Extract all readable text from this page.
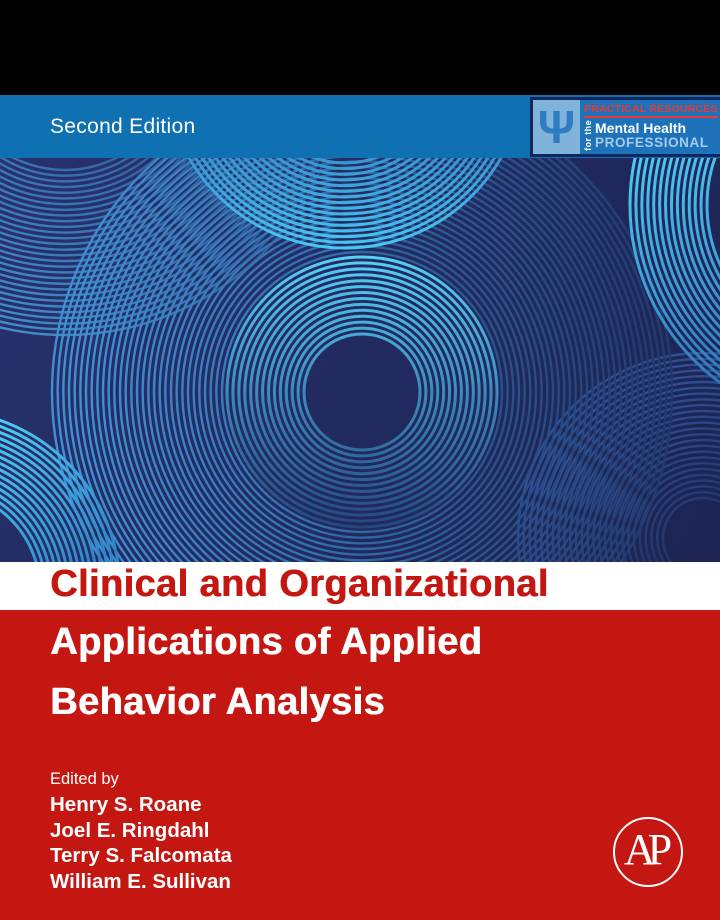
Second Edition	Ψ PRACTICAL RESOURCES
for the Mental Health
PROFESSIONAL
Clinical and Organizational
Applications of Applied
Behavior Analysis
Edited by
Henry S. Roane
Joel E. Ringdahl
Terry S. Falcomata
William E. Sullivan
AP
